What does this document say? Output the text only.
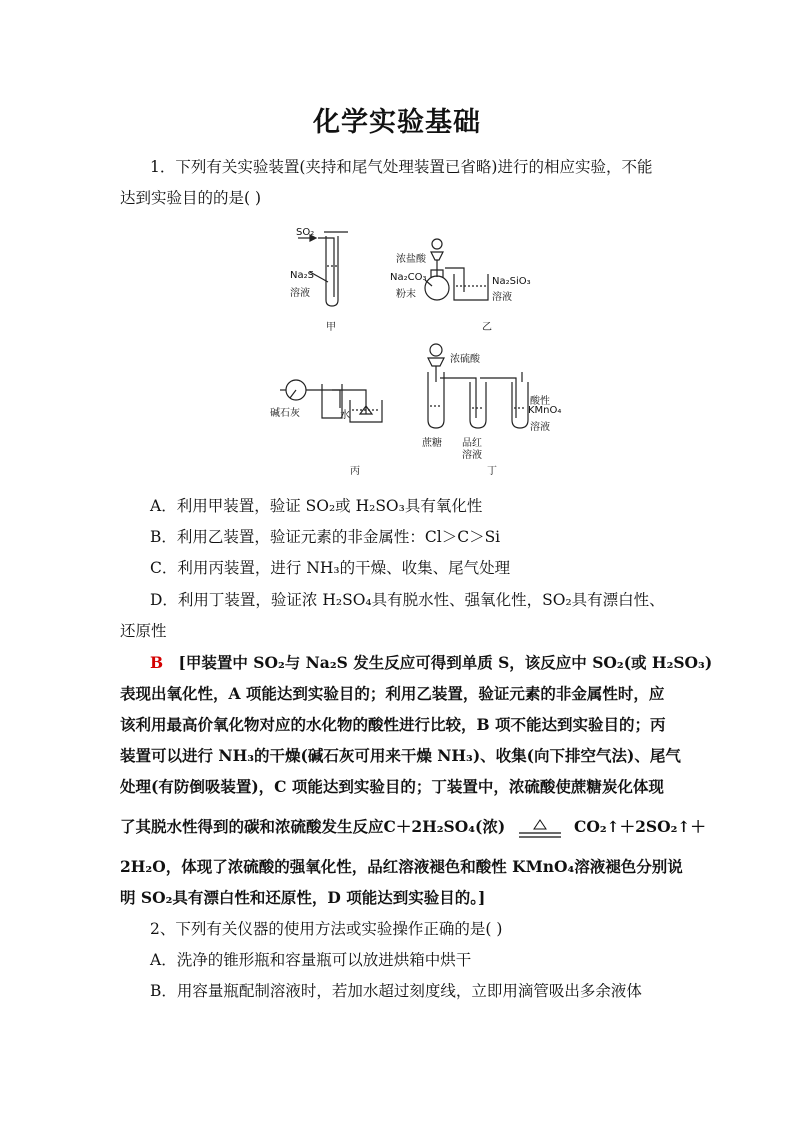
化学实验基础
1．下列有关实验装置(夹持和尾气处理装置已省略)进行的相应实验，不能
达到实验目的的是( )
SO₂
Na₂S
溶液
甲
浓盐酸
Na₂CO₃
粉末
Na₂SiO₃
溶液
乙
碱石灰	水
丙
浓硫酸
蔗糖 品红
溶液
酸性
KMnO₄
溶液
丁
A．利用甲装置，验证 SO₂或 H₂SO₃具有氧化性
B．利用乙装置，验证元素的非金属性：Cl＞C＞Si
C．利用丙装置，进行 NH₃的干燥、收集、尾气处理
D．利用丁装置，验证浓 H₂SO₄具有脱水性、强氧化性，SO₂具有漂白性、
还原性
B [甲装置中 SO₂与 Na₂S 发生反应可得到单质 S，该反应中 SO₂(或 H₂SO₃)
表现出氧化性，A 项能达到实验目的；利用乙装置，验证元素的非金属性时，应
该利用最高价氧化物对应的水化物的酸性进行比较，B 项不能达到实验目的；丙
装置可以进行 NH₃的干燥(碱石灰可用来干燥 NH₃)、收集(向下排空气法)、尾气
处理(有防倒吸装置)，C 项能达到实验目的；丁装置中，浓硫酸使蔗糖炭化体现
了其脱水性得到的碳和浓硫酸发生反应C＋2H₂SO₄(浓)	CO₂↑＋2SO₂↑＋
2H₂O，体现了浓硫酸的强氧化性，品红溶液褪色和酸性 KMnO₄溶液褪色分别说
明 SO₂具有漂白性和还原性，D 项能达到实验目的。]
2、下列有关仪器的使用方法或实验操作正确的是( )
A．洗净的锥形瓶和容量瓶可以放进烘箱中烘干
B．用容量瓶配制溶液时，若加水超过刻度线，立即用滴管吸出多余液体
